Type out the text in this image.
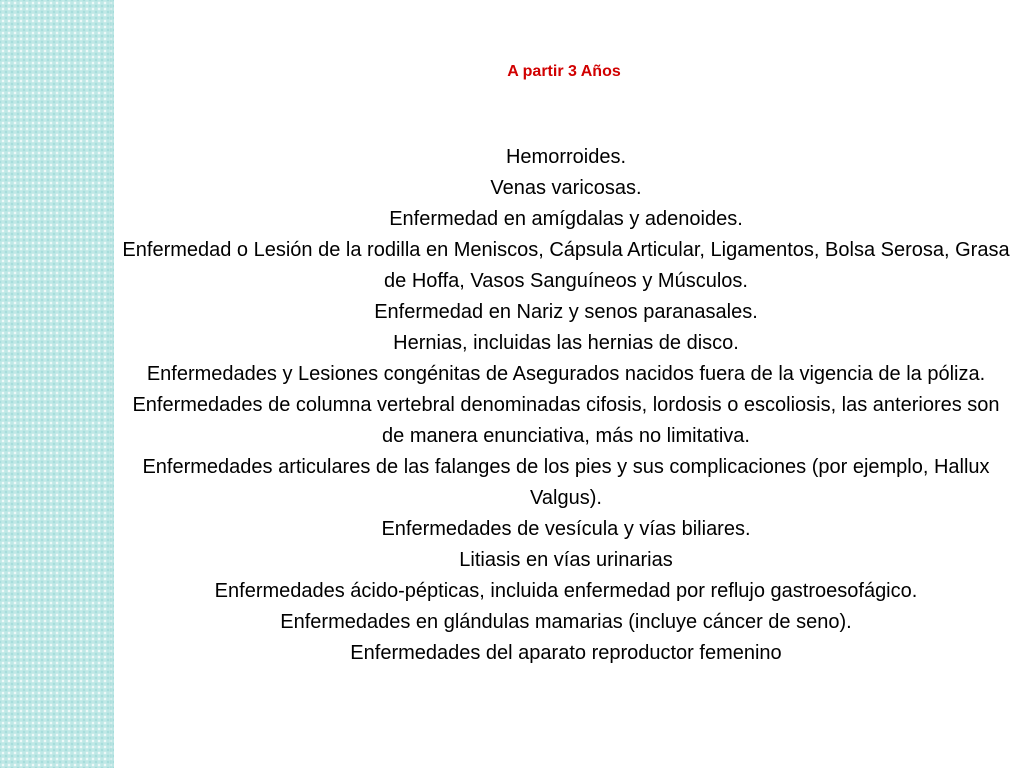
A partir 3 Años
Hemorroides.
Venas varicosas.
Enfermedad en amígdalas y adenoides.
Enfermedad o Lesión de la rodilla en Meniscos, Cápsula Articular, Ligamentos, Bolsa Serosa, Grasa de Hoffa, Vasos Sanguíneos y Músculos.
Enfermedad en Nariz y senos paranasales.
Hernias, incluidas las hernias de disco.
Enfermedades y Lesiones congénitas de Asegurados nacidos fuera de la vigencia de la póliza.
Enfermedades de columna vertebral denominadas cifosis, lordosis o escoliosis, las anteriores son de manera enunciativa, más no limitativa.
Enfermedades articulares de las falanges de los pies y sus complicaciones (por ejemplo, Hallux Valgus).
Enfermedades de vesícula y vías biliares.
Litiasis en vías urinarias
Enfermedades ácido-pépticas, incluida enfermedad por reflujo gastroesofágico.
Enfermedades en glándulas mamarias (incluye cáncer de seno).
Enfermedades del aparato reproductor femenino
